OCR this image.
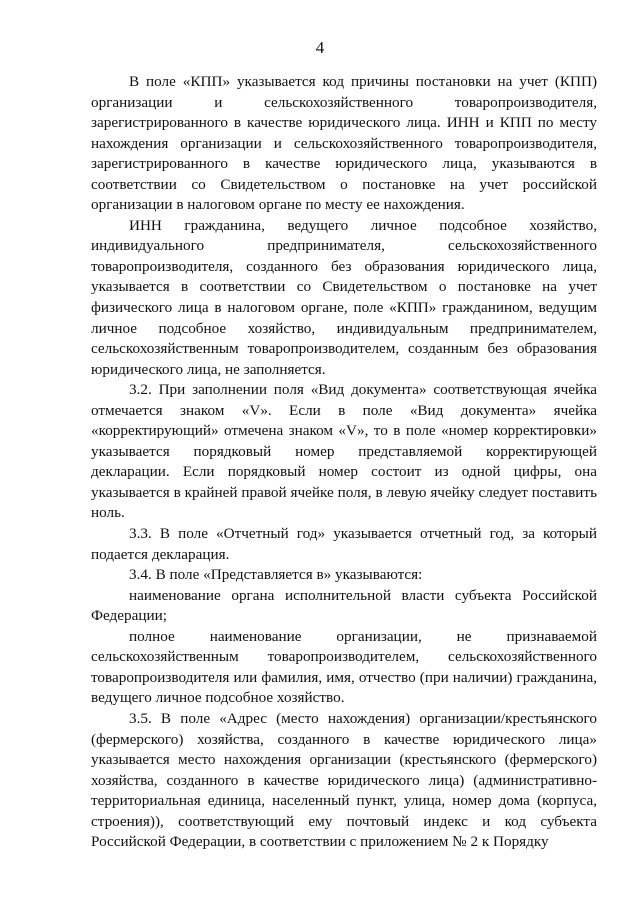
4

В поле «КПП» указывается код причины постановки на учет (КПП) организации и сельскохозяйственного товаропроизводителя, зарегистрированного в качестве юридического лица. ИНН и КПП по месту нахождения организации и сельскохозяйственного товаропроизводителя, зарегистрированного в качестве юридического лица, указываются в соответствии со Свидетельством о постановке на учет российской организации в налоговом органе по месту ее нахождения.

ИНН гражданина, ведущего личное подсобное хозяйство, индивидуального предпринимателя, сельскохозяйственного товаропроизводителя, созданного без образования юридического лица, указывается в соответствии со Свидетельством о постановке на учет физического лица в налоговом органе, поле «КПП» гражданином, ведущим личное подсобное хозяйство, индивидуальным предпринимателем, сельскохозяйственным товаропроизводителем, созданным без образования юридического лица, не заполняется.

3.2. При заполнении поля «Вид документа» соответствующая ячейка отмечается знаком «V». Если в поле «Вид документа» ячейка «корректирующий» отмечена знаком «V», то в поле «номер корректировки» указывается порядковый номер представляемой корректирующей декларации. Если порядковый номер состоит из одной цифры, она указывается в крайней правой ячейке поля, в левую ячейку следует поставить ноль.

3.3. В поле «Отчетный год» указывается отчетный год, за который подается декларация.

3.4. В поле «Представляется в» указываются:

наименование органа исполнительной власти субъекта Российской Федерации;

полное наименование организации, не признаваемой сельскохозяйственным товаропроизводителем, сельскохозяйственного товаропроизводителя или фамилия, имя, отчество (при наличии) гражданина, ведущего личное подсобное хозяйство.

3.5. В поле «Адрес (место нахождения) организации/крестьянского (фермерского) хозяйства, созданного в качестве юридического лица» указывается место нахождения организации (крестьянского (фермерского) хозяйства, созданного в качестве юридического лица) (административно-территориальная единица, населенный пункт, улица, номер дома (корпуса, строения)), соответствующий ему почтовый индекс и код субъекта Российской Федерации, в соответствии с приложением № 2 к Порядку
